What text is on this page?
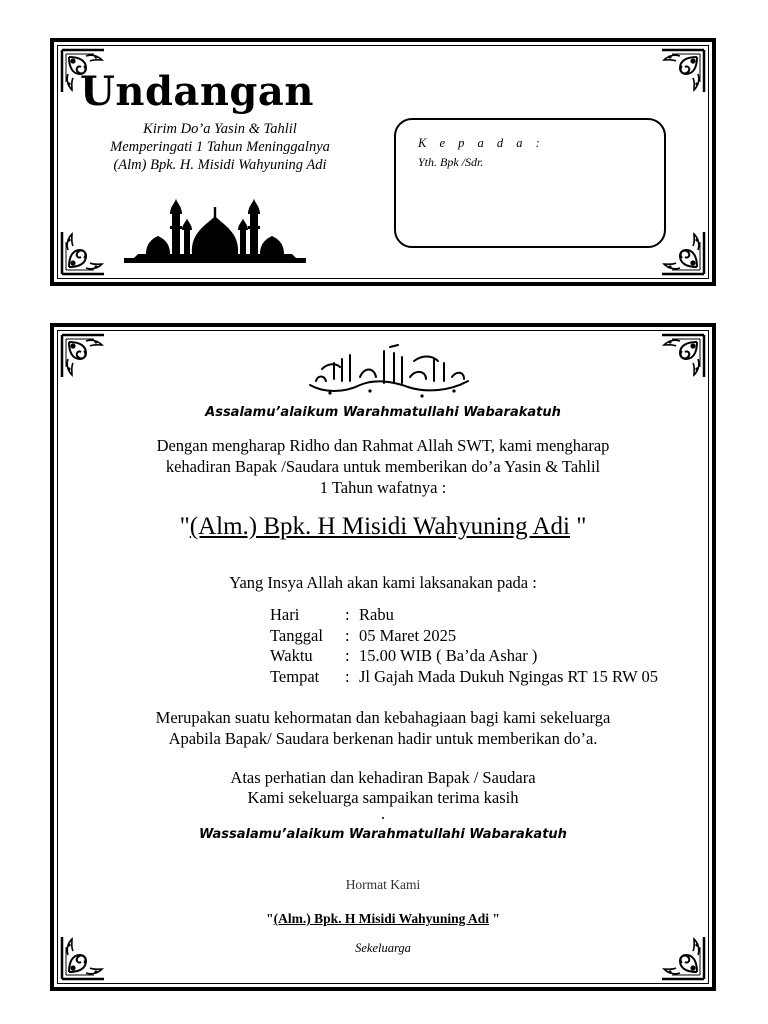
Undangan
Kirim Do’a Yasin & Tahlil
Memperingati 1 Tahun Meninggalnya
(Alm) Bpk. H. Misidi Wahyuning Adi
K e p a d a :
Yth. Bpk /Sdr.
Assalamu’alaikum Warahmatullahi Wabarakatuh
Dengan mengharap Ridho dan Rahmat Allah SWT, kami mengharap
kehadiran Bapak /Saudara untuk memberikan do’a Yasin & Tahlil
1 Tahun wafatnya :
"(Alm.) Bpk. H Misidi Wahyuning Adi "
Yang Insya Allah akan kami laksanakan pada :
Hari	: Rabu
Tanggal	: 05 Maret 2025
Waktu	: 15.00 WIB ( Ba’da Ashar )
Tempat	: Jl Gajah Mada Dukuh Ngingas RT 15 RW 05
Merupakan suatu kehormatan dan kebahagiaan bagi kami sekeluarga
Apabila Bapak/ Saudara berkenan hadir untuk memberikan do’a.
Atas perhatian dan kehadiran Bapak / Saudara
Kami sekeluarga sampaikan terima kasih
.
Wassalamu’alaikum Warahmatullahi Wabarakatuh
Hormat Kami
"(Alm.) Bpk. H Misidi Wahyuning Adi "
Sekeluarga
